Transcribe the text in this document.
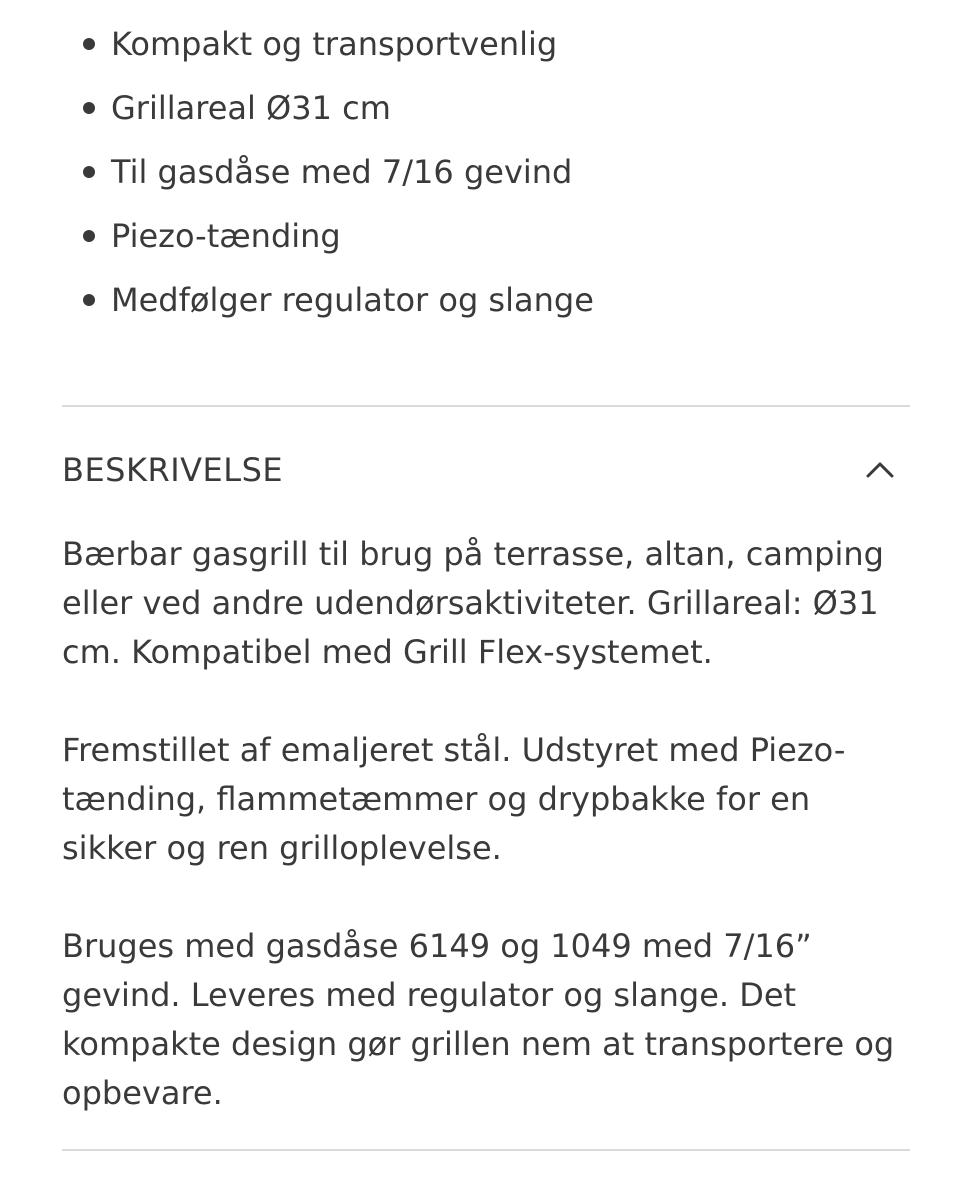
Kompakt og transportvenlig
Grillareal Ø31 cm
Til gasdåse med 7/16 gevind
Piezo-tænding
Medfølger regulator og slange
BESKRIVELSE

Bærbar gasgrill til brug på terrasse, altan, camping eller ved andre udendørsaktiviteter. Grillareal: Ø31 cm. Kompatibel med Grill Flex-systemet.

Fremstillet af emaljeret stål. Udstyret med Piezo-tænding, flammetæmmer og drypbakke for en sikker og ren grilloplevelse.

Bruges med gasdåse 6149 og 1049 med 7/16” gevind. Leveres med regulator og slange. Det kompakte design gør grillen nem at transportere og opbevare.
